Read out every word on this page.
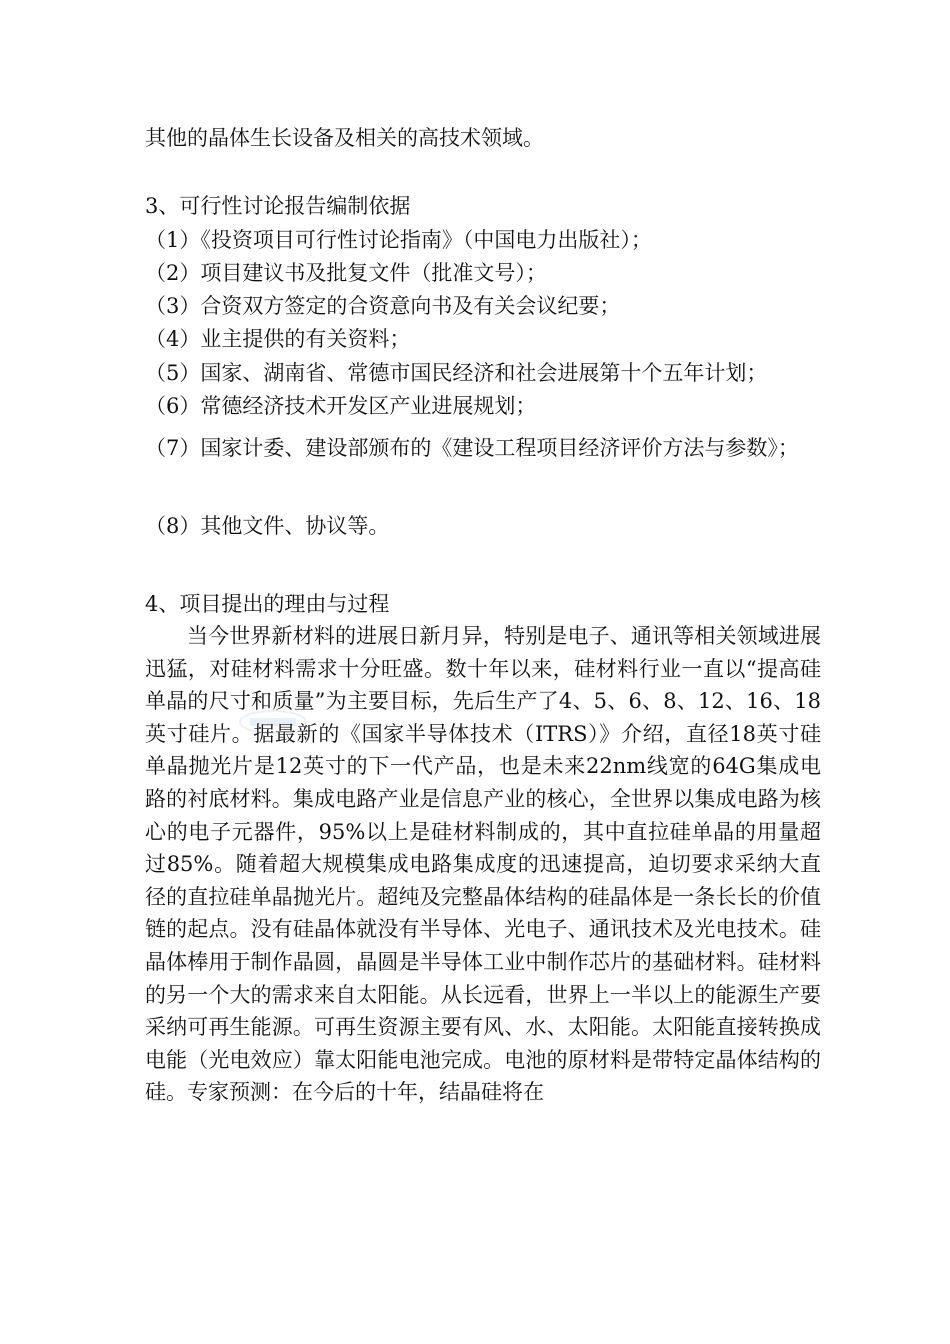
其他的晶体生长设备及相关的高技术领域。
3、可行性讨论报告编制依据
（1）《投资项目可行性讨论指南》（中国电力出版社）；
（2）项目建议书及批复文件（批准文号）；
（3）合资双方签定的合资意向书及有关会议纪要；
（4）业主提供的有关资料；
（5）国家、湖南省、常德市国民经济和社会进展第十个五年计划；
（6）常德经济技术开发区产业进展规划；

（7）国家计委、建设部颁布的《建设工程项目经济评价方法与参数》；

（8）其他文件、协议等。
4、项目提出的理由与过程

当今世界新材料的进展日新月异，特别是电子、通讯等相关领域进展迅猛，对硅材料需求十分旺盛。数十年以来，硅材料行业一直以“提高硅单晶的尺寸和质量”为主要目标，先后生产了4、5、6、8、12、16、18英寸硅片。据最新的《国家半导体技术（ITRS）》介绍，直径18英寸硅单晶抛光片是12英寸的下一代产品，也是未来22nm线宽的64G集成电路的衬底材料。集成电路产业是信息产业的核心，全世界以集成电路为核心的电子元器件，95%以上是硅材料制成的，其中直拉硅单晶的用量超过85%。随着超大规模集成电路集成度的迅速提高，迫切要求采纳大直径的直拉硅单晶抛光片。超纯及完整晶体结构的硅晶体是一条长长的价值链的起点。没有硅晶体就没有半导体、光电子、通讯技术及光电技术。硅晶体棒用于制作晶圆，晶圆是半导体工业中制作芯片的基础材料。硅材料的另一个大的需求来自太阳能。从长远看，世界上一半以上的能源生产要采纳可再生能源。可再生资源主要有风、水、太阳能。太阳能直接转换成电能（光电效应）靠太阳能电池完成。电池的原材料是带特定晶体结构的硅。专家预测：在今后的十年，结晶硅将在
